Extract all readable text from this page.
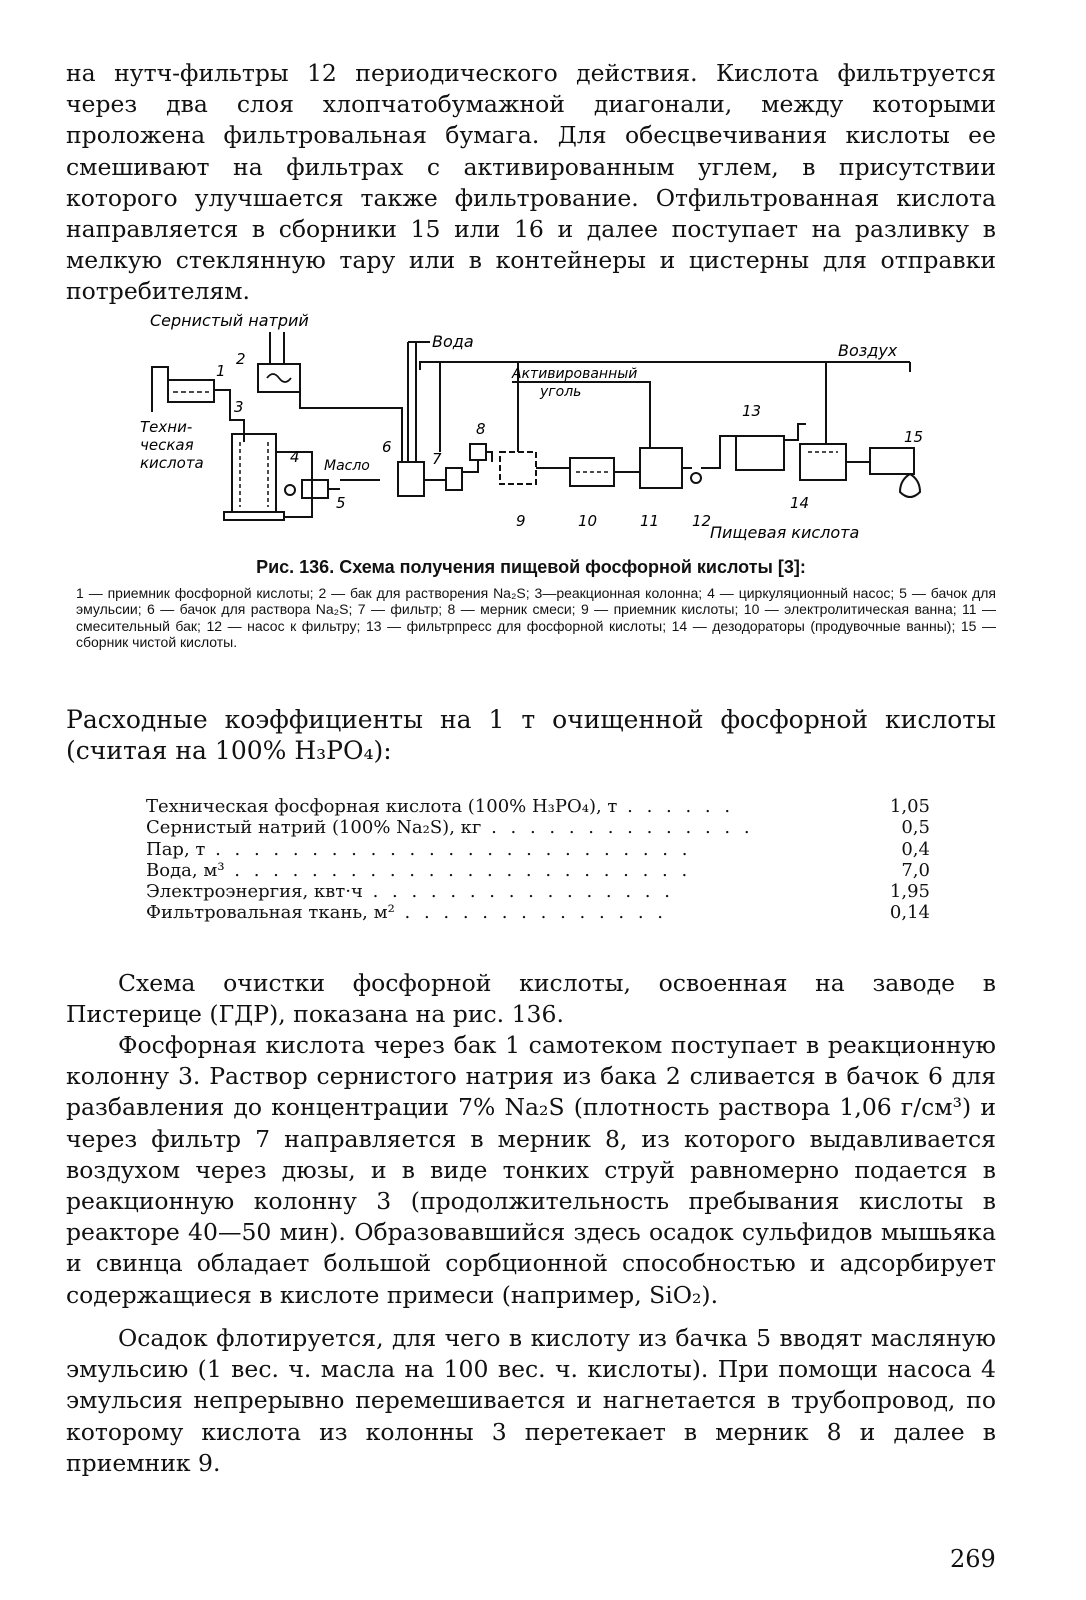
на нутч-фильтры 12 периодического действия. Кислота фильтруется через два слоя хлопчатобумажной диагонали, между которыми проложена фильтровальная бумага. Для обесцвечивания кислоты ее смешивают на фильтрах с активированным углем, в присутствии которого улучшается также фильтрование. Отфильтрованная кислота направляется в сборники 15 или 16 и далее поступает на разливку в мелкую стеклянную тару или в контейнеры и цистерны для отправки потребителям.

Сернистый натрий
Вода	Воздух
Активированный
уголь
Техни-
ческая
кислота	Масло
Пищевая кислота
1
2
3
4
5
6
7
8
9	10	11 12
13
14
15
Рис. 136. Схема получения пищевой фосфорной кислоты [3]:

1 — приемник фосфорной кислоты; 2 — бак для растворения Na₂S; 3—реакционная колонна; 4 — циркуляционный насос; 5 — бачок для эмульсии; 6 — бачок для раствора Na₂S; 7 — фильтр; 8 — мерник смеси; 9 — приемник кислоты; 10 — электролитическая ванна; 11 — смесительный бак; 12 — насос к фильтру; 13 — фильтрпресс для фосфорной кислоты; 14 — дезодораторы (продувочные ванны); 15 — сборник чистой кислоты.

Расходные коэффициенты на 1 т очищенной фосфорной кислоты (считая на 100% H₃PO₄):

Техническая фосфорная кислота (100% H₃PO₄), т . . . . . .	1,05
Сернистый натрий (100% Na₂S), кг . . . . . . . . . . . . . .	0,5
Пар, т . . . . . . . . . . . . . . . . . . . . . . . . .	0,4
Вода, м³ . . . . . . . . . . . . . . . . . . . . . . . .	7,0
Электроэнергия, квт·ч . . . . . . . . . . . . . . . .	1,95
Фильтровальная ткань, м² . . . . . . . . . . . . . .	0,14

Схема очистки фосфорной кислоты, освоенная на заводе в Пистерице (ГДР), показана на рис. 136.

Фосфорная кислота через бак 1 самотеком поступает в реакционную колонну 3. Раствор сернистого натрия из бака 2 сливается в бачок 6 для разбавления до концентрации 7% Na₂S (плотность раствора 1,06 г/см³) и через фильтр 7 направляется в мерник 8, из которого выдавливается воздухом через дюзы, и в виде тонких струй равномерно подается в реакционную колонну 3 (продолжительность пребывания кислоты в реакторе 40—50 мин). Образовавшийся здесь осадок сульфидов мышьяка и свинца обладает большой сорбционной способностью и адсорбирует содержащиеся в кислоте примеси (например, SiO₂).

Осадок флотируется, для чего в кислоту из бачка 5 вводят масляную эмульсию (1 вес. ч. масла на 100 вес. ч. кислоты). При помощи насоса 4 эмульсия непрерывно перемешивается и нагнетается в трубопровод, по которому кислота из колонны 3 перетекает в мерник 8 и далее в приемник 9.

269
